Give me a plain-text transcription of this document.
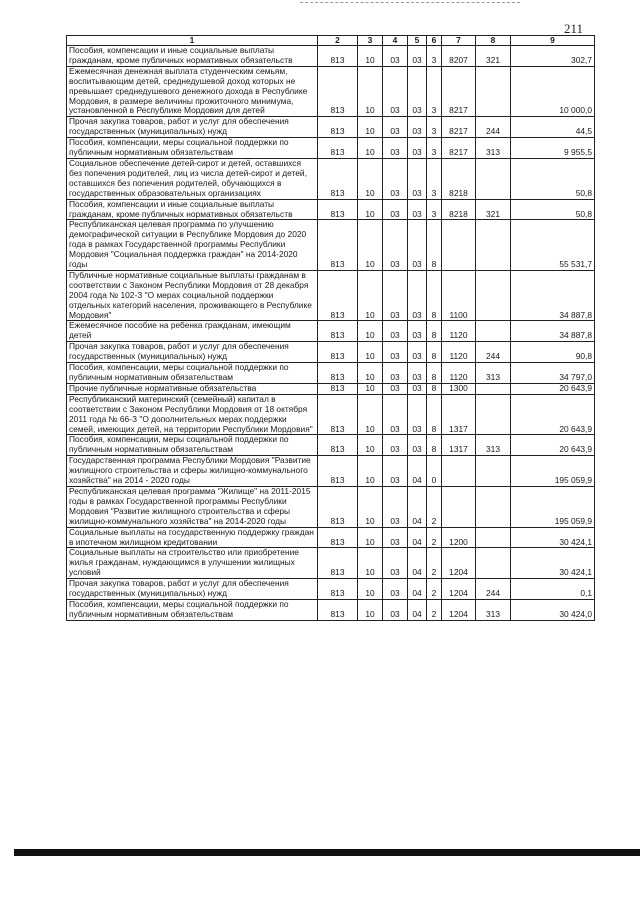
211
1	2	3	4	5	6	7	8	9
Пособия, компенсации и иные социальные выплаты гражданам, кроме публичных нормативных обязательств	813	10	03	03	3	8207	321	302,7
Ежемесячная денежная выплата студенческим семьям, воспитывающим детей, среднедушевой доход которых не превышает среднедушевого денежного дохода в Республике Мордовия, в размере величины прожиточного минимума, установленной в Республике Мордовия для детей	813	10	03	03	3	8217		10 000,0
Прочая закупка товаров, работ и услуг для обеспечения государственных (муниципальных) нужд	813	10	03	03	3	8217	244	44,5
Пособия, компенсации, меры социальной поддержки по публичным нормативным обязательствам	813	10	03	03	3	8217	313	9 955,5
Социальное обеспечение детей-сирот и детей, оставшихся без попечения родителей, лиц из числа детей-сирот и детей, оставшихся без попечения родителей, обучающихся в государственных образовательных организациях	813	10	03	03	3	8218		50,8
Пособия, компенсации и иные социальные выплаты гражданам, кроме публичных нормативных обязательств	813	10	03	03	3	8218	321	50,8
Республиканская целевая программа по улучшению демографической ситуации в Республике Мордовия до 2020 года в рамках Государственной программы Республики Мордовия "Социальная поддержка граждан" на 2014-2020 годы	813	10	03	03	8			55 531,7
Публичные нормативные социальные выплаты гражданам в соответствии с Законом Республики Мордовия от 28 декабря 2004 года № 102-З "О мерах социальной поддержки отдельных категорий населения, проживающего в Республике Мордовия"	813	10	03	03	8	1100		34 887,8
Ежемесячное пособие на ребенка гражданам, имеющим детей	813	10	03	03	8	1120		34 887,8
Прочая закупка товаров, работ и услуг для обеспечения государственных (муниципальных) нужд	813	10	03	03	8	1120	244	90,8
Пособия, компенсации, меры социальной поддержки по публичным нормативным обязательствам	813	10	03	03	8	1120	313	34 797,0
Прочие публичные нормативные обязательства	813	10	03	03	8	1300		20 643,9
Республиканский материнский (семейный) капитал в соответствии с Законом Республики Мордовия от 18 октября 2011 года № 66-З "О дополнительных мерах поддержки семей, имеющих детей, на территории Республики Мордовия"	813	10	03	03	8	1317		20 643,9
Пособия, компенсации, меры социальной поддержки по публичным нормативным обязательствам	813	10	03	03	8	1317	313	20 643,9
Государственная программа Республики Мордовия "Развитие жилищного строительства и сферы жилищно-коммунального хозяйства" на 2014 - 2020 годы	813	10	03	04	0			195 059,9
Республиканская целевая программа "Жилище" на 2011-2015 годы в рамках Государственной программы Республики Мордовия "Развитие жилищного строительства и сферы жилищно-коммунального хозяйства" на 2014-2020 годы	813	10	03	04	2			195 059,9
Социальные выплаты на государственную поддержку граждан в ипотечном жилищном кредитовании	813	10	03	04	2	1200		30 424,1
Социальные выплаты на строительство или приобретение жилья гражданам, нуждающимся в улучшении жилищных условий	813	10	03	04	2	1204		30 424,1
Прочая закупка товаров, работ и услуг для обеспечения государственных (муниципальных) нужд	813	10	03	04	2	1204	244	0,1
Пособия, компенсации, меры социальной поддержки по публичным нормативным обязательствам	813	10	03	04	2	1204	313	30 424,0
